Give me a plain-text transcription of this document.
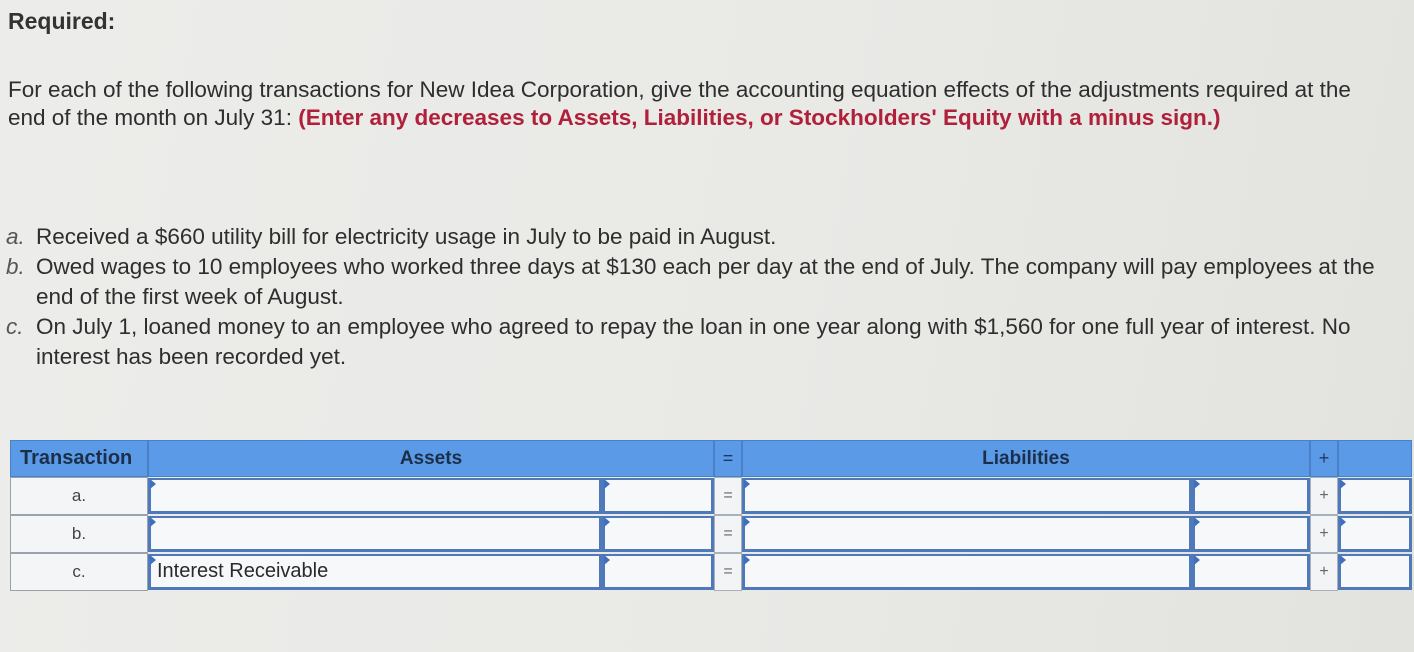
Required:
For each of the following transactions for New Idea Corporation, give the accounting equation effects of the adjustments required at the end of the month on July 31: (Enter any decreases to Assets, Liabilities, or Stockholders' Equity with a minus sign.)
a. Received a $660 utility bill for electricity usage in July to be paid in August.
b. Owed wages to 10 employees who worked three days at $130 each per day at the end of July. The company will pay employees at the end of the first week of August.
c. On July 1, loaned money to an employee who agreed to repay the loan in one year along with $1,560 for one full year of interest. No interest has been recorded yet.
Transaction	Assets	=	Liabilities	+
a.	=	+
b.	=	+
c.	Interest Receivable	=	+
